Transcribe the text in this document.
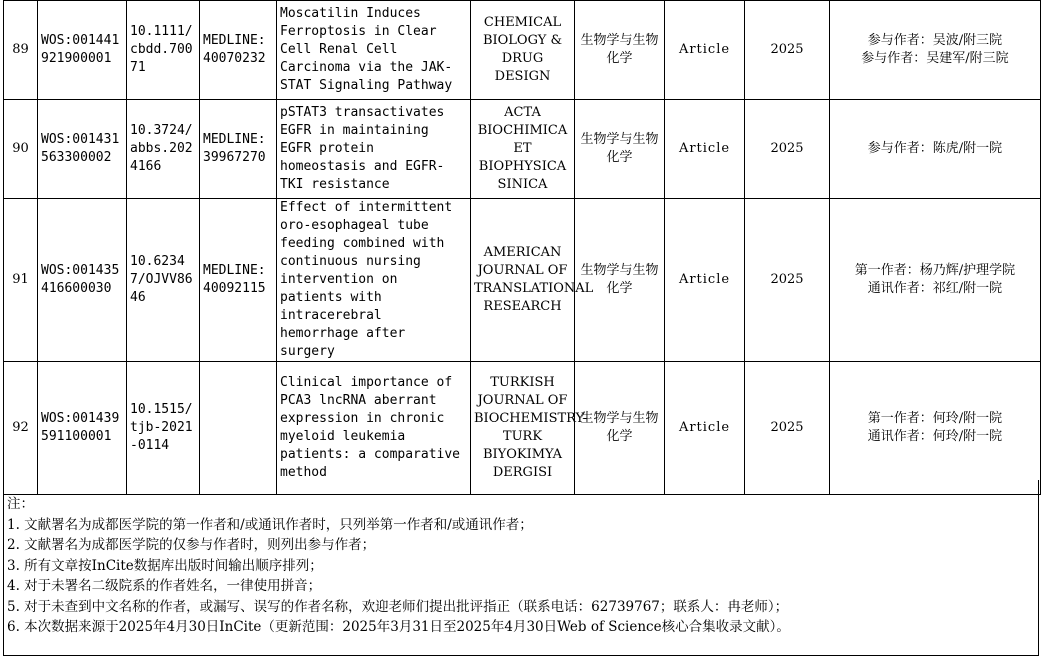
89	WOS:001441921900001	10.1111/cbdd.70071	MEDLINE:40070232	Moscatilin Induces Ferroptosis in Clear Cell Renal Cell Carcinoma via the JAK-STAT Signaling Pathway	CHEMICAL BIOLOGY & DRUG DESIGN	生物学与生物化学	Article	2025	参与作者：吴波/附三院
参与作者：吴建军/附三院

90	WOS:001431563300002	10.3724/abbs.2024166	MEDLINE:39967270	pSTAT3 transactivates EGFR in maintaining EGFR protein homeostasis and EGFR-TKI resistance	ACTA BIOCHIMICA ET BIOPHYSICA SINICA	生物学与生物化学	Article	2025	参与作者：陈虎/附一院

91	WOS:001435416600030	10.62347/OJVV8646	MEDLINE:40092115	Effect of intermittent oro-esophageal tube feeding combined with continuous nursing intervention on patients with intracerebral hemorrhage after surgery	AMERICAN JOURNAL OF TRANSLATIONAL RESEARCH	生物学与生物化学	Article	2025	第一作者：杨乃辉/护理学院
通讯作者：祁红/附一院

92	WOS:001439591100001	10.1515/tjb-2021-0114		Clinical importance of PCA3 lncRNA aberrant expression in chronic myeloid leukemia patients: a comparative method	TURKISH JOURNAL OF BIOCHEMISTRY-TURK BIYOKIMYA DERGISI	生物学与生物化学	Article	2025	第一作者：何玲/附一院
通讯作者：何玲/附一院
注：
1. 文献署名为成都医学院的第一作者和/或通讯作者时，只列举第一作者和/或通讯作者；
2. 文献署名为成都医学院的仅参与作者时，则列出参与作者；
3. 所有文章按InCite数据库出版时间输出顺序排列；
4. 对于未署名二级院系的作者姓名，一律使用拼音；
5. 对于未查到中文名称的作者，或漏写、误写的作者名称，欢迎老师们提出批评指正（联系电话：62739767；联系人：冉老师）；
6. 本次数据来源于2025年4月30日InCite（更新范围：2025年3月31日至2025年4月30日Web of Science核心合集收录文献）。
